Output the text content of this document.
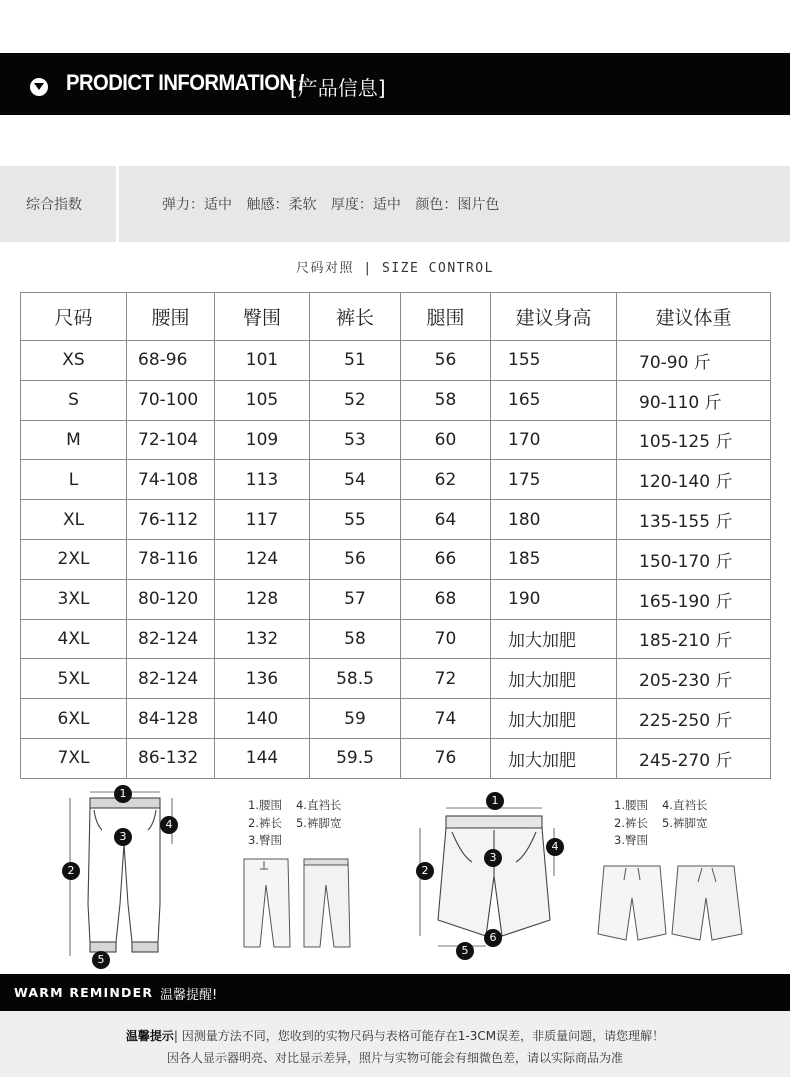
PRODICT INFORMATION /
[产品信息]
综合指数	弹力：适中 触感：柔软 厚度：适中 颜色：图片色
尺码对照 | SIZE CONTROL
尺码	腰围	臀围	裤长	腿围	建议身高	建议体重
XS	68-96	101	51	56	155	70-90 斤
S	70-100	105	52	58	165	90-110 斤
M	72-104	109	53	60	170	105-125 斤
L	74-108	113	54	62	175	120-140 斤
XL	76-112	117	55	64	180	135-155 斤
2XL	78-116	124	56	66	185	150-170 斤
3XL	80-120	128	57	68	190	165-190 斤
4XL	82-124	132	58	70	加大加肥	185-210 斤
5XL	82-124	136	58.5	72	加大加肥	205-230 斤
6XL	84-128	140	59	74	加大加肥	225-250 斤
7XL	86-132	144	59.5	76	加大加肥	245-270 斤
1
2
3
4
5
1.腰围 4.直裆长
2.裤长 5.裤脚宽
3.臀围
1
2
3
4
5
6
1.腰围 4.直裆长
2.裤长 5.裤脚宽
3.臀围
WARM REMINDER 温馨提醒!
温馨提示| 因测量方法不同，您收到的实物尺码与表格可能存在1-3CM误差，非质量问题，请您理解！
因各人显示器明亮、对比显示差异，照片与实物可能会有细微色差，请以实际商品为准
